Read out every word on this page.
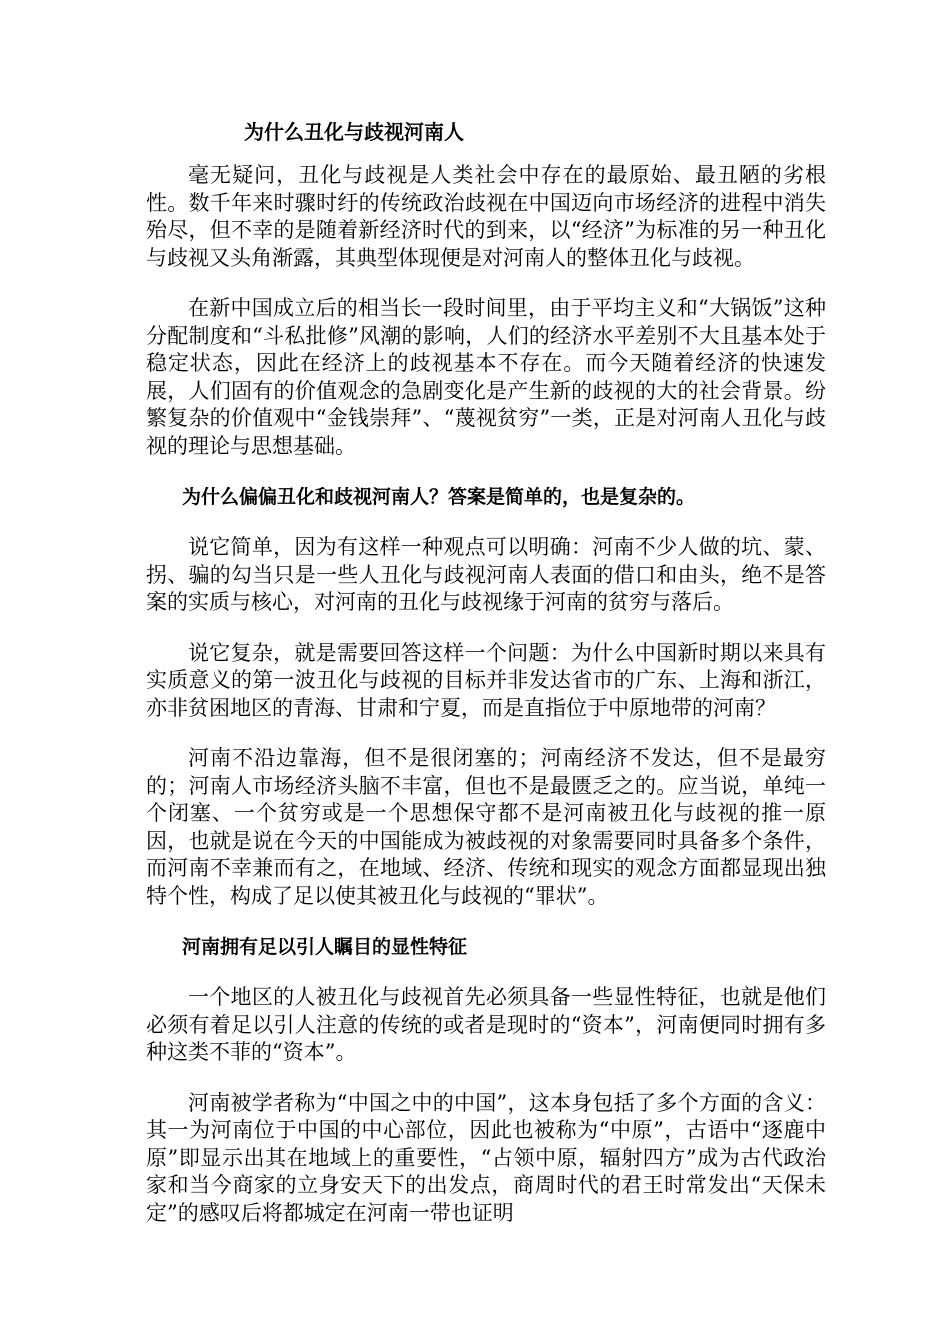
为什么丑化与歧视河南人

毫无疑问，丑化与歧视是人类社会中存在的最原始、最丑陋的劣根性。数千年来时骤时纡的传统政治歧视在中国迈向市场经济的进程中消失殆尽，但不幸的是随着新经济时代的到来，以“经济”为标准的另一种丑化与歧视又头角渐露，其典型体现便是对河南人的整体丑化与歧视。

在新中国成立后的相当长一段时间里，由于平均主义和“大锅饭”这种分配制度和“斗私批修”风潮的影响，人们的经济水平差别不大且基本处于稳定状态，因此在经济上的歧视基本不存在。而今天随着经济的快速发展，人们固有的价值观念的急剧变化是产生新的歧视的大的社会背景。纷繁复杂的价值观中“金钱崇拜”、“蔑视贫穷”一类，正是对河南人丑化与歧视的理论与思想基础。

为什么偏偏丑化和歧视河南人？答案是简单的，也是复杂的。

说它简单，因为有这样一种观点可以明确：河南不少人做的坑、蒙、拐、骗的勾当只是一些人丑化与歧视河南人表面的借口和由头，绝不是答案的实质与核心，对河南的丑化与歧视缘于河南的贫穷与落后。

说它复杂，就是需要回答这样一个问题：为什么中国新时期以来具有实质意义的第一波丑化与歧视的目标并非发达省市的广东、上海和浙江，亦非贫困地区的青海、甘肃和宁夏，而是直指位于中原地带的河南？

河南不沿边靠海，但不是很闭塞的；河南经济不发达，但不是最穷的；河南人市场经济头脑不丰富，但也不是最匮乏之的。应当说，单纯一个闭塞、一个贫穷或是一个思想保守都不是河南被丑化与歧视的推一原因，也就是说在今天的中国能成为被歧视的对象需要同时具备多个条件，而河南不幸兼而有之，在地域、经济、传统和现实的观念方面都显现出独特个性，构成了足以使其被丑化与歧视的“罪状”。

河南拥有足以引人瞩目的显性特征

一个地区的人被丑化与歧视首先必须具备一些显性特征，也就是他们必须有着足以引人注意的传统的或者是现时的“资本”，河南便同时拥有多种这类不菲的“资本”。

河南被学者称为“中国之中的中国”，这本身包括了多个方面的含义：其一为河南位于中国的中心部位，因此也被称为“中原”，古语中“逐鹿中原”即显示出其在地域上的重要性，“占领中原，辐射四方”成为古代政治家和当今商家的立身安天下的出发点，商周时代的君王时常发出“天保未定”的感叹后将都城定在河南一带也证明
